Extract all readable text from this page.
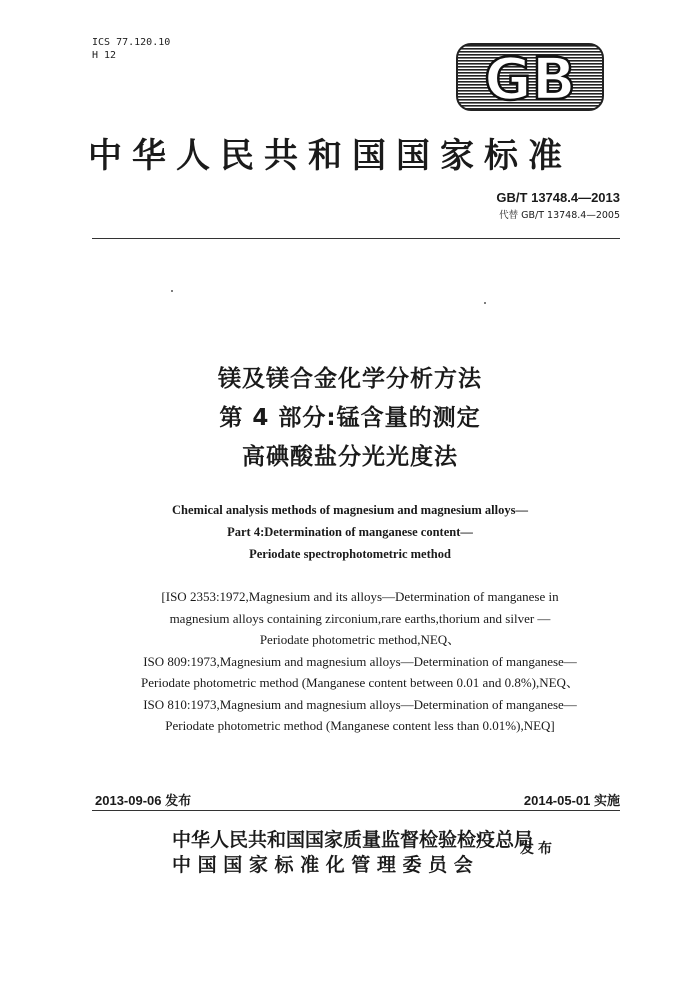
ICS 77.120.10
H 12	GB
中华人民共和国国家标准
GB/T 13748.4—2013
代替 GB/T 13748.4—2005
镁及镁合金化学分析方法
第 4 部分:锰含量的测定
高碘酸盐分光光度法
Chemical analysis methods of magnesium and magnesium alloys—
Part 4:Determination of manganese content—
Periodate spectrophotometric method
[ISO 2353:1972,Magnesium and its alloys—Determination of manganese in
magnesium alloys containing zirconium,rare earths,thorium and silver —
Periodate photometric method,NEQ、
ISO 809:1973,Magnesium and magnesium alloys—Determination of manganese—
Periodate photometric method (Manganese content between 0.01 and 0.8%),NEQ、
ISO 810:1973,Magnesium and magnesium alloys—Determination of manganese—
Periodate photometric method (Manganese content less than 0.01%),NEQ]
2013-09-06 发布	2014-05-01 实施
中华人民共和国国家质量监督检验检疫总局
中 国 国 家 标 准 化 管 理 委 员 会
发布
